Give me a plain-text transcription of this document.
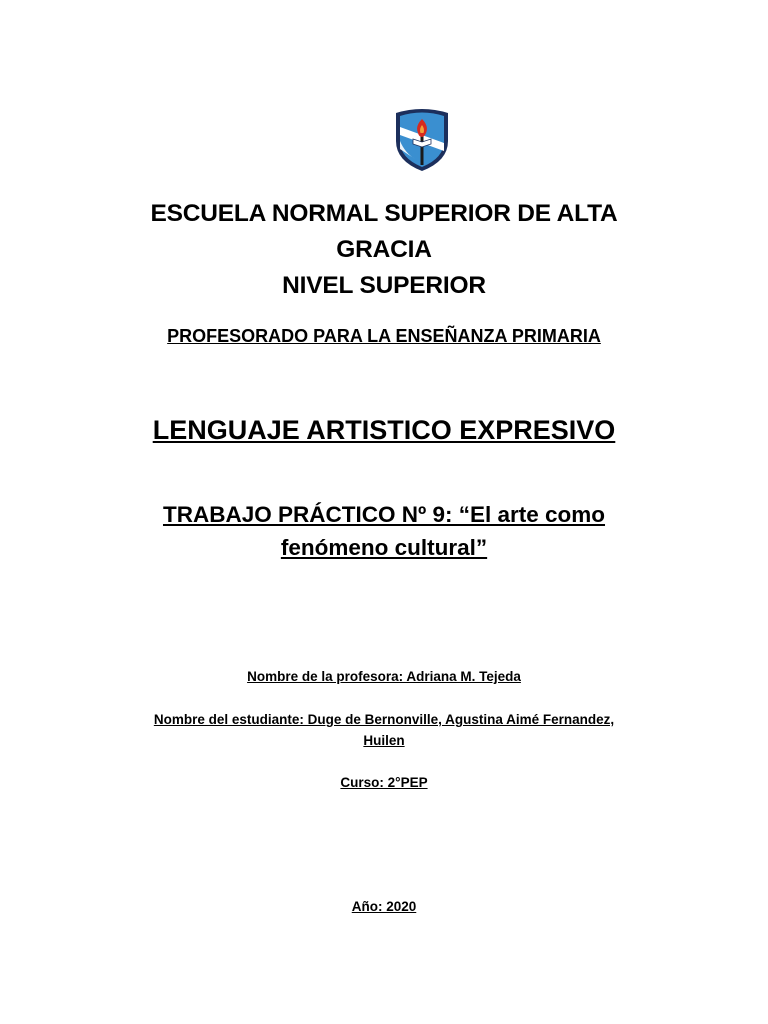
ESCUELA NORMAL SUPERIOR DE ALTA
GRACIA
NIVEL SUPERIOR
PROFESORADO PARA LA ENSEÑANZA PRIMARIA
LENGUAJE ARTISTICO EXPRESIVO
TRABAJO PRÁCTICO Nº 9: “El arte como fenómeno cultural”
Nombre de la profesora: Adriana M. Tejeda
Nombre del estudiante: Duge de Bernonville, Agustina Aimé Fernandez, Huilen
Curso: 2°PEP
Año: 2020
